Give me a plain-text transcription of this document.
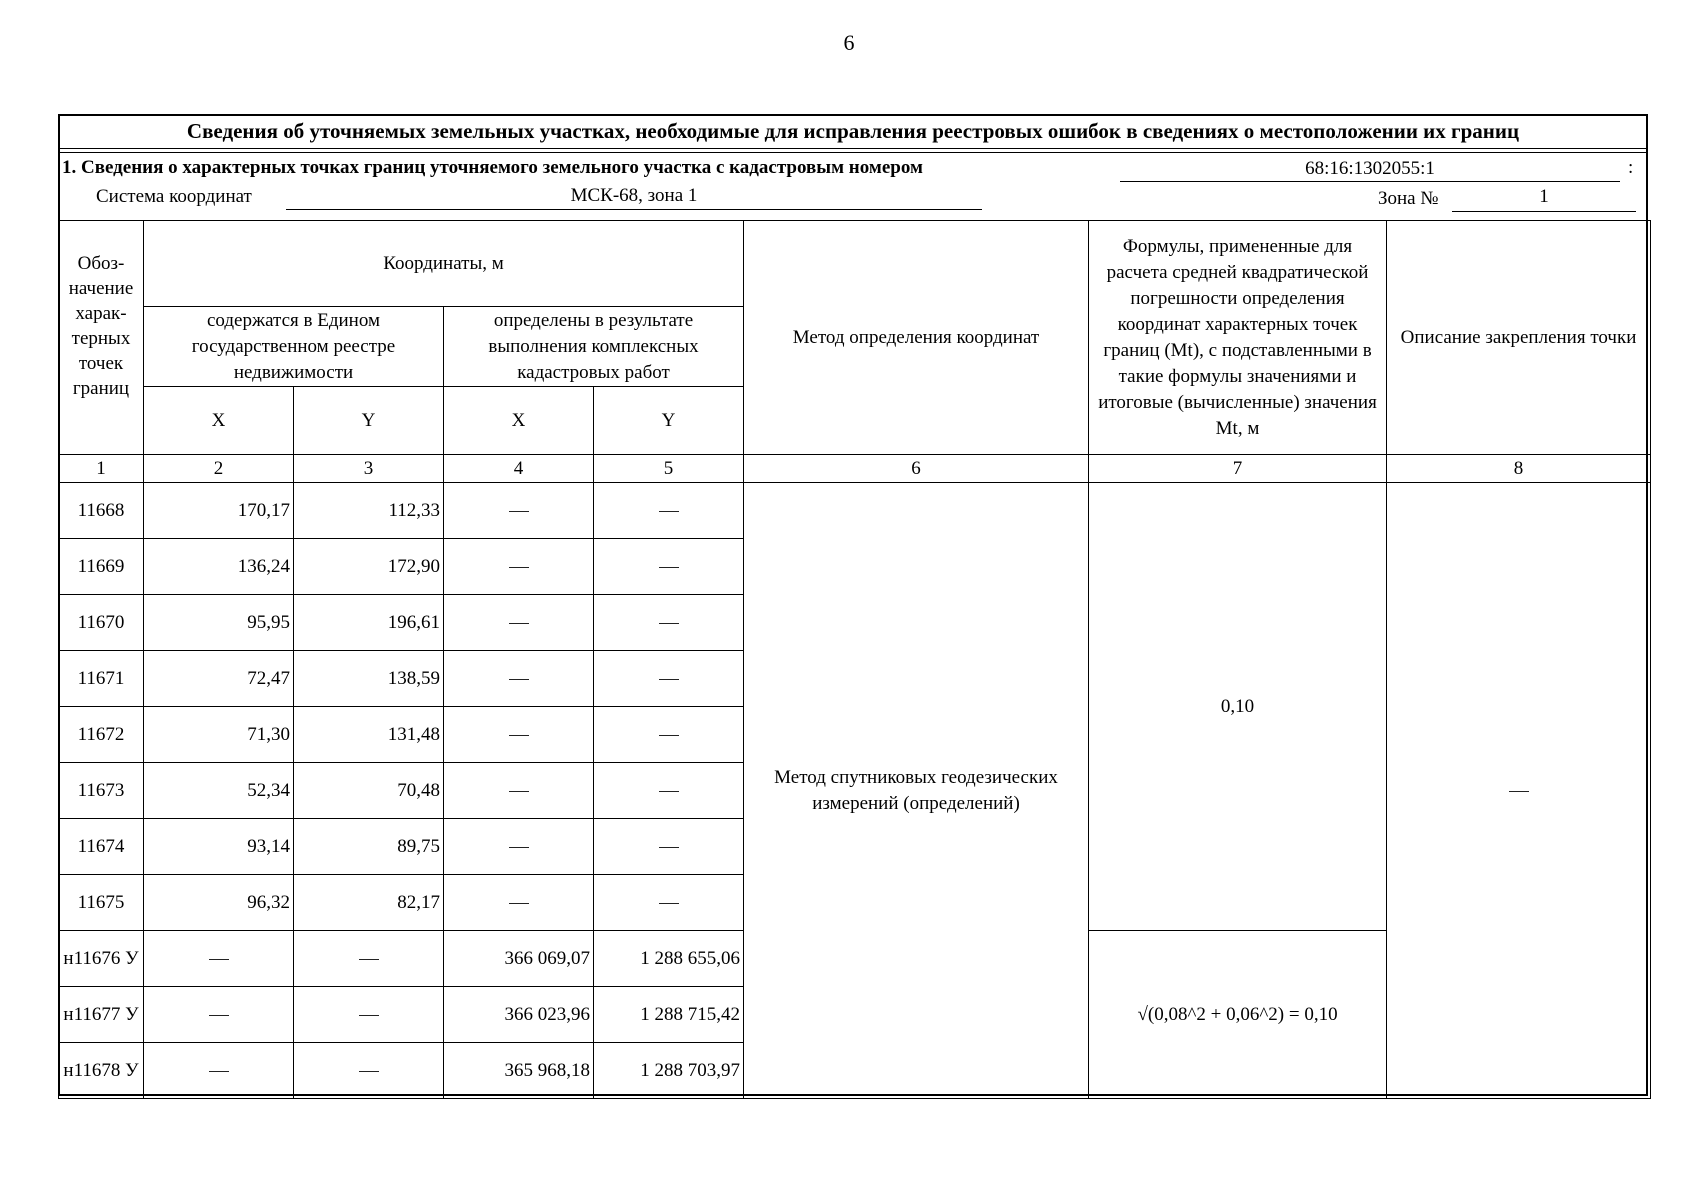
6
Сведения об уточняемых земельных участках, необходимые для исправления реестровых ошибок в сведениях о местоположении их границ
1. Сведения о характерных точках границ уточняемого земельного участка с кадастровым номером	68:16:1302055:1	:
Система координат	МСК-68, зона 1	Зона №	1
Обоз-начение харак-терных точек границ	Координаты, м				Метод определения координат	Формулы, примененные для расчета средней квадратической погрешности определения координат характерных точек границ (Mt), с подставленными в такие формулы значениями и итоговые (вычисленные) значения Mt, м	Описание закрепления точки
	содержатся в Едином государственном реестре недвижимости		определены в результате выполнения комплексных кадастровых работ				
	X	Y	X	Y			
1	2	3	4	5	6	7	8
11668	170,17	112,33			Метод спутниковых геодезических измерений (определений)	0,10	
11669	136,24	172,90					
11670	95,95	196,61					
11671	72,47	138,59					
11672	71,30	131,48					
11673	52,34	70,48					
11674	93,14	89,75					
11675	96,32	82,17					
н11676 У			366 069,07	1 288 655,06		√(0,08^2 + 0,06^2) = 0,10	
н11677 У			366 023,96	1 288 715,42			
н11678 У			365 968,18	1 288 703,97			
